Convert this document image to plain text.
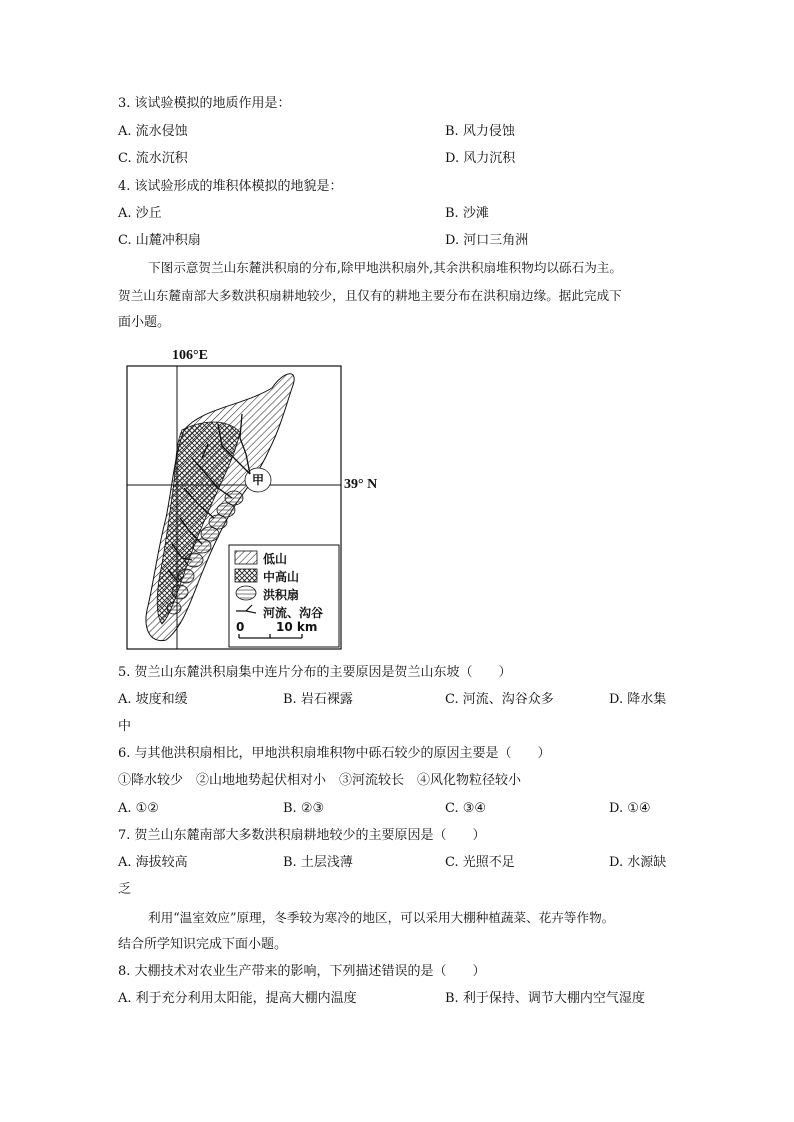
3. 该试验模拟的地质作用是：
A. 流水侵蚀	B. 风力侵蚀
C. 流水沉积	D. 风力沉积
4. 该试验形成的堆积体模拟的地貌是：
A. 沙丘	B. 沙滩
C. 山麓冲积扇	D. 河口三角洲
下图示意贺兰山东麓洪积扇的分布,除甲地洪积扇外,其余洪积扇堆积物均以砾石为主。
贺兰山东麓南部大多数洪积扇耕地较少，且仅有的耕地主要分布在洪积扇边缘。据此完成下
面小题。
106°E
39° N
甲
低山
中高山
洪积扇
河流、沟谷
0	10 km
5. 贺兰山东麓洪积扇集中连片分布的主要原因是贺兰山东坡（　　）
A. 坡度和缓	B. 岩石裸露	C. 河流、沟谷众多	D. 降水集
中
6. 与其他洪积扇相比，甲地洪积扇堆积物中砾石较少的原因主要是（　　）
①降水较少　②山地地势起伏相对小　③河流较长　④风化物粒径较小
A. ①②	B. ②③	C. ③④	D. ①④
7. 贺兰山东麓南部大多数洪积扇耕地较少的主要原因是（　　）
A. 海拔较高	B. 土层浅薄	C. 光照不足	D. 水源缺
乏
利用“温室效应”原理，冬季较为寒冷的地区，可以采用大棚种植蔬菜、花卉等作物。
结合所学知识完成下面小题。
8. 大棚技术对农业生产带来的影响，下列描述错误的是（　　）
A. 利于充分利用太阳能，提高大棚内温度	B. 利于保持、调节大棚内空气湿度
